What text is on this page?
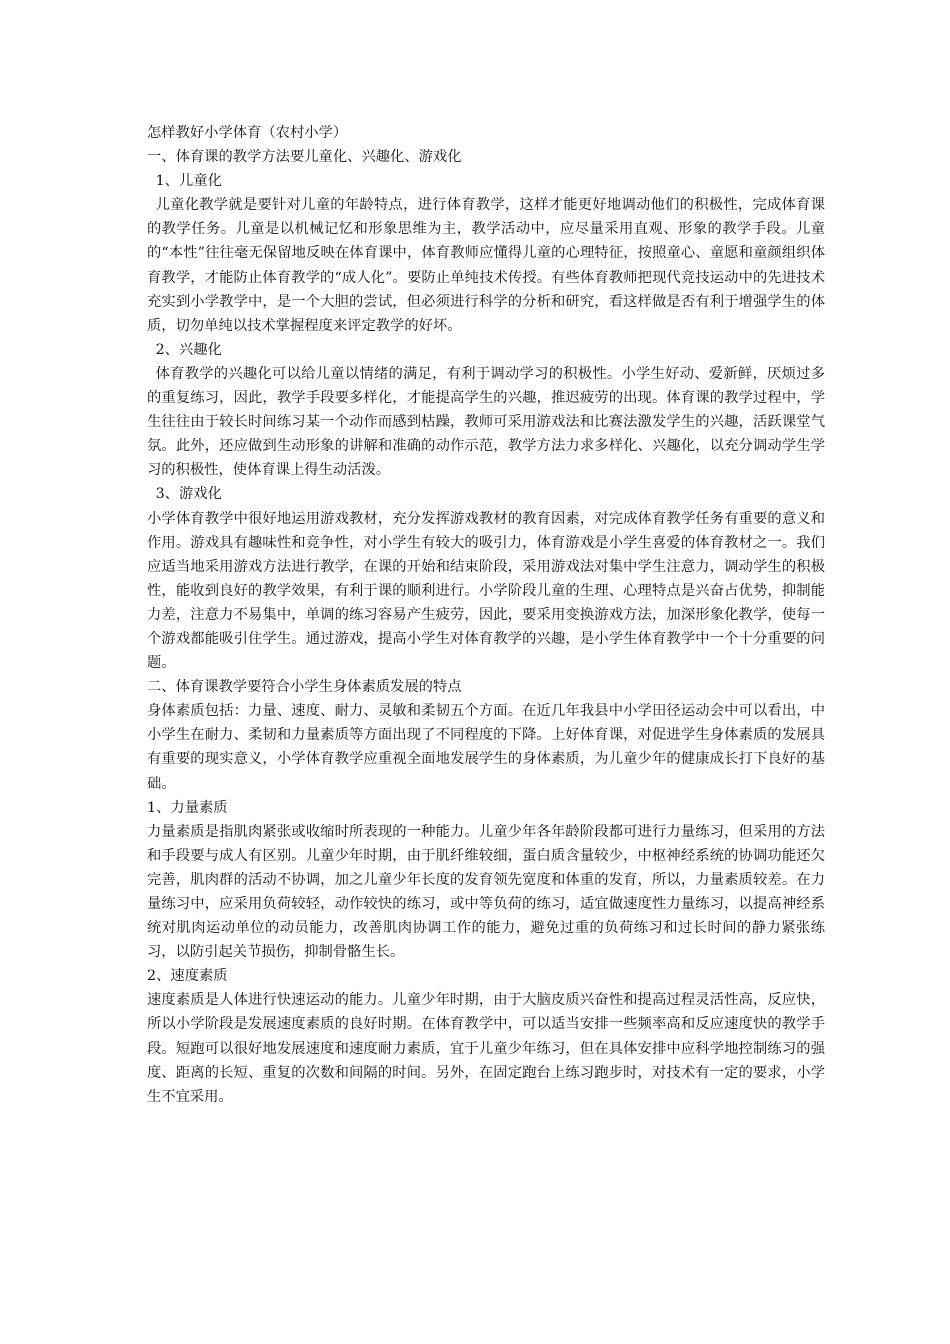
怎样教好小学体育（农村小学）

一、体育课的教学方法要儿童化、兴趣化、游戏化

1、儿童化

儿童化教学就是要针对儿童的年龄特点，进行体育教学，这样才能更好地调动他们的积极性，完成体育课的教学任务。儿童是以机械记忆和形象思维为主，教学活动中，应尽量采用直观、形象的教学手段。儿童的“本性”往往毫无保留地反映在体育课中，体育教师应懂得儿童的心理特征，按照童心、童愿和童颜组织体育教学，才能防止体育教学的“成人化”。要防止单纯技术传授。有些体育教师把现代竞技运动中的先进技术充实到小学教学中，是一个大胆的尝试，但必须进行科学的分析和研究，看这样做是否有利于增强学生的体质，切勿单纯以技术掌握程度来评定教学的好坏。

2、兴趣化

体育教学的兴趣化可以给儿童以情绪的满足，有利于调动学习的积极性。小学生好动、爱新鲜，厌烦过多的重复练习，因此，教学手段要多样化，才能提高学生的兴趣，推迟疲劳的出现。体育课的教学过程中，学生往往由于较长时间练习某一个动作而感到枯躁，教师可采用游戏法和比赛法激发学生的兴趣，活跃课堂气氛。此外，还应做到生动形象的讲解和准确的动作示范，教学方法力求多样化、兴趣化，以充分调动学生学习的积极性，使体育课上得生动活泼。

3、游戏化

小学体育教学中很好地运用游戏教材，充分发挥游戏教材的教育因素，对完成体育教学任务有重要的意义和作用。游戏具有趣味性和竞争性，对小学生有较大的吸引力，体育游戏是小学生喜爱的体育教材之一。我们应适当地采用游戏方法进行教学，在课的开始和结束阶段，采用游戏法对集中学生注意力，调动学生的积极性，能收到良好的教学效果，有利于课的顺利进行。小学阶段儿童的生理、心理特点是兴奋占优势，抑制能力差，注意力不易集中，单调的练习容易产生疲劳，因此，要采用变换游戏方法，加深形象化教学，使每一个游戏都能吸引住学生。通过游戏，提高小学生对体育教学的兴趣，是小学生体育教学中一个十分重要的问题。

二、体育课教学要符合小学生身体素质发展的特点

身体素质包括：力量、速度、耐力、灵敏和柔韧五个方面。在近几年我县中小学田径运动会中可以看出，中小学生在耐力、柔韧和力量素质等方面出现了不同程度的下降。上好体育课，对促进学生身体素质的发展具有重要的现实意义，小学体育教学应重视全面地发展学生的身体素质，为儿童少年的健康成长打下良好的基础。

1、力量素质

力量素质是指肌肉紧张或收缩时所表现的一种能力。儿童少年各年龄阶段都可进行力量练习，但采用的方法和手段要与成人有区别。儿童少年时期，由于肌纤维较细，蛋白质含量较少，中枢神经系统的协调功能还欠完善，肌肉群的活动不协调，加之儿童少年长度的发育领先宽度和体重的发育，所以，力量素质较差。在力量练习中，应采用负荷较轻，动作较快的练习，或中等负荷的练习，适宜做速度性力量练习，以提高神经系统对肌肉运动单位的动员能力，改善肌肉协调工作的能力，避免过重的负荷练习和过长时间的静力紧张练习，以防引起关节损伤，抑制骨骼生长。

2、速度素质

速度素质是人体进行快速运动的能力。儿童少年时期，由于大脑皮质兴奋性和提高过程灵活性高，反应快，所以小学阶段是发展速度素质的良好时期。在体育教学中，可以适当安排一些频率高和反应速度快的教学手段。短跑可以很好地发展速度和速度耐力素质，宜于儿童少年练习，但在具体安排中应科学地控制练习的强度、距离的长短、重复的次数和间隔的时间。另外，在固定跑台上练习跑步时，对技术有一定的要求，小学生不宜采用。
